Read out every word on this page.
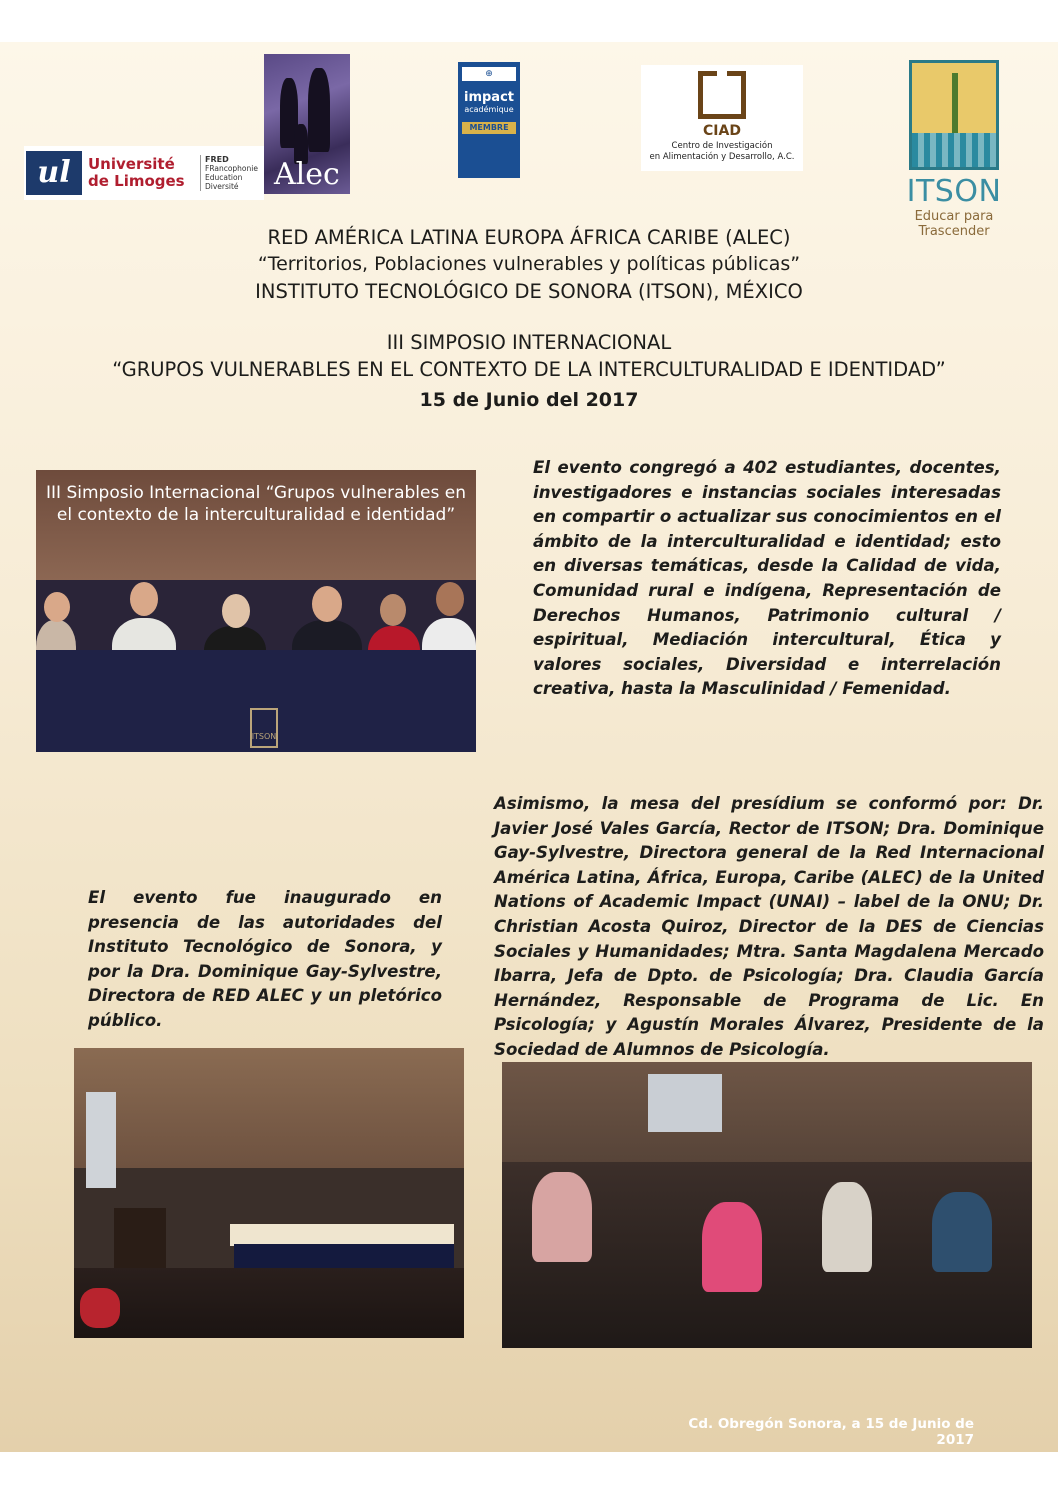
ul	Université
de Limoges
FRED
FRancophonie
Education
Diversité	Alec
⊕
impact
académique
MEMBRE	CIAD
Centro de Investigación
en Alimentación y Desarrollo, A.C.
ITSON
Educar para
Trascender
RED AMÉRICA LATINA EUROPA ÁFRICA CARIBE (ALEC)
“Territorios, Poblaciones vulnerables y políticas públicas”
INSTITUTO TECNOLÓGICO DE SONORA (ITSON), MÉXICO
III SIMPOSIO INTERNACIONAL
“GRUPOS VULNERABLES EN EL CONTEXTO DE LA INTERCULTURALIDAD E IDENTIDAD”
15 de Junio del 2017
III Simposio Internacional “Grupos vulnerables en el contexto de la interculturalidad e identidad”
ITSON
El evento congregó a 402 estudiantes, docentes, investigadores e instancias sociales interesadas en compartir o actualizar sus conocimientos en el ámbito de la interculturalidad e identidad; esto en diversas temáticas, desde la Calidad de vida, Comunidad rural e indígena, Representación de Derechos Humanos, Patrimonio cultural / espiritual, Mediación intercultural, Ética y valores sociales, Diversidad e interrelación creativa, hasta la Masculinidad / Femenidad.
Asimismo, la mesa del presídium se conformó por: Dr. Javier José Vales García, Rector de ITSON; Dra. Dominique Gay-Sylvestre, Directora general de la Red Internacional América Latina, África, Europa, Caribe (ALEC) de la United Nations of Academic Impact (UNAI) – label de la ONU; Dr. Christian Acosta Quiroz, Director de la DES de Ciencias Sociales y Humanidades; Mtra. Santa Magdalena Mercado Ibarra, Jefa de Dpto. de Psicología; Dra. Claudia García Hernández, Responsable de Programa de Lic. En Psicología; y Agustín Morales Álvarez, Presidente de la Sociedad de Alumnos de Psicología.
El evento fue inaugurado en presencia de las autoridades del Instituto Tecnológico de Sonora, y por la Dra. Dominique Gay-Sylvestre, Directora de RED ALEC y un pletórico público.
Cd. Obregón Sonora, a 15 de Junio de 2017
